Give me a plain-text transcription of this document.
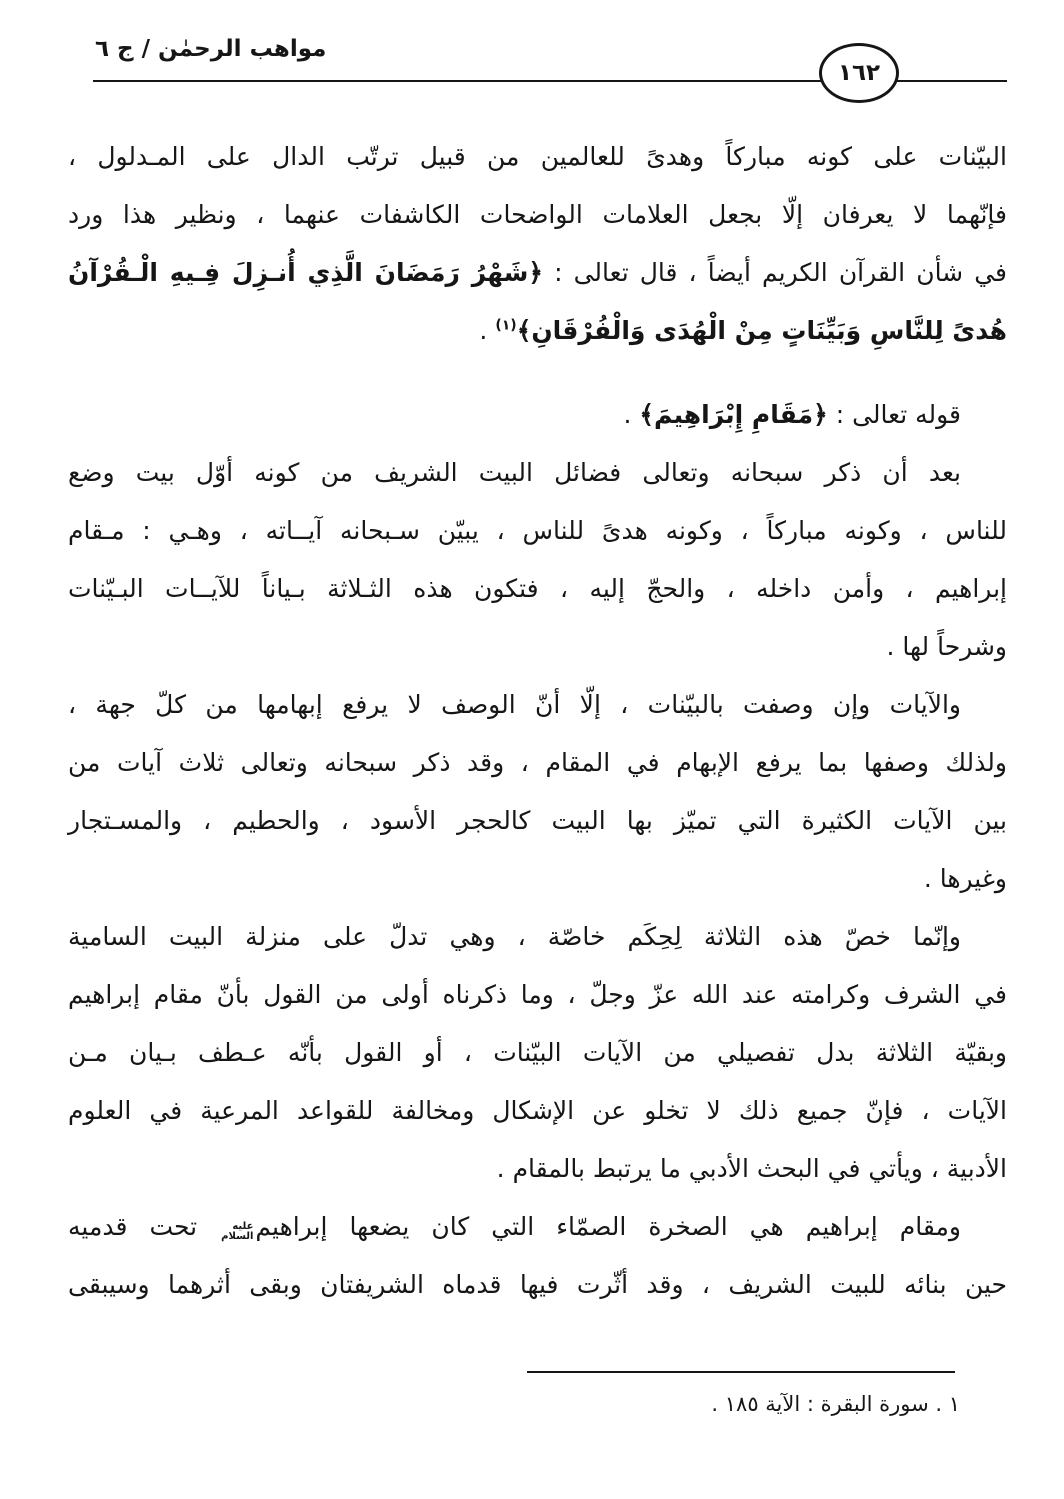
مواهب الرحمٰن / ج ٦
١٦٢
البيّنات على كونه مباركاً وهدىً للعالمين من قبيل ترتّب الدال على المـدلول ،
فإنّهما لا يعرفان إلّا بجعل العلامات الواضحات الكاشفات عنهما ، ونظير هذا ورد
في شأن القرآن الكريم أيضاً ، قال تعالى : ﴿شَهْرُ رَمَضَانَ الَّذِي أُنـزِلَ فِـيهِ الْـقُرْآنُ
هُدىً لِلنَّاسِ وَبَيِّنَاتٍ مِنْ الْهُدَى وَالْفُرْقَانِ﴾$^{(١)}$ .
قوله تعالى : ﴿مَقَامِ إِبْرَاهِيمَ﴾ .
بعد أن ذكر سبحانه وتعالى فضائل البيت الشريف من كونه أوّل بيت وضع
للناس ، وكونه مباركاً ، وكونه هدىً للناس ، يبيّن سـبحانه آيــاته ، وهـي : مـقام
إبراهيم ، وأمن داخله ، والحجّ إليه ، فتكون هذه الثـلاثة بـياناً للآيــات البـيّنات
وشرحاً لها .
والآيات وإن وصفت بالبيّنات ، إلّا أنّ الوصف لا يرفع إبهامها من كلّ جهة ،
ولذلك وصفها بما يرفع الإبهام في المقام ، وقد ذكر سبحانه وتعالى ثلاث آيات من
بين الآيات الكثيرة التي تميّز بها البيت كالحجر الأسود ، والحطيم ، والمسـتجار
وغيرها .
وإنّما خصّ هذه الثلاثة لِحِكَم خاصّة ، وهي تدلّ على منزلة البيت السامية
في الشرف وكرامته عند الله عزّ وجلّ ، وما ذكرناه أولى من القول بأنّ مقام إبراهيم
وبقيّة الثلاثة بدل تفصيلي من الآيات البيّنات ، أو القول بأنّه عـطف بـيان مـن
الآيات ، فإنّ جميع ذلك لا تخلو عن الإشكال ومخالفة للقواعد المرعية في العلوم
الأدبية ، ويأتي في البحث الأدبي ما يرتبط بالمقام .
ومقام إبراهيم هي الصخرة الصمّاء التي كان يضعها إبراهيم
عليه
السلام
تحت قدميه
حين بنائه للبيت الشريف ، وقد أثّرت فيها قدماه الشريفتان وبقى أثرهما وسيبقى
١ . سورة البقرة : الآية ١٨٥ .
